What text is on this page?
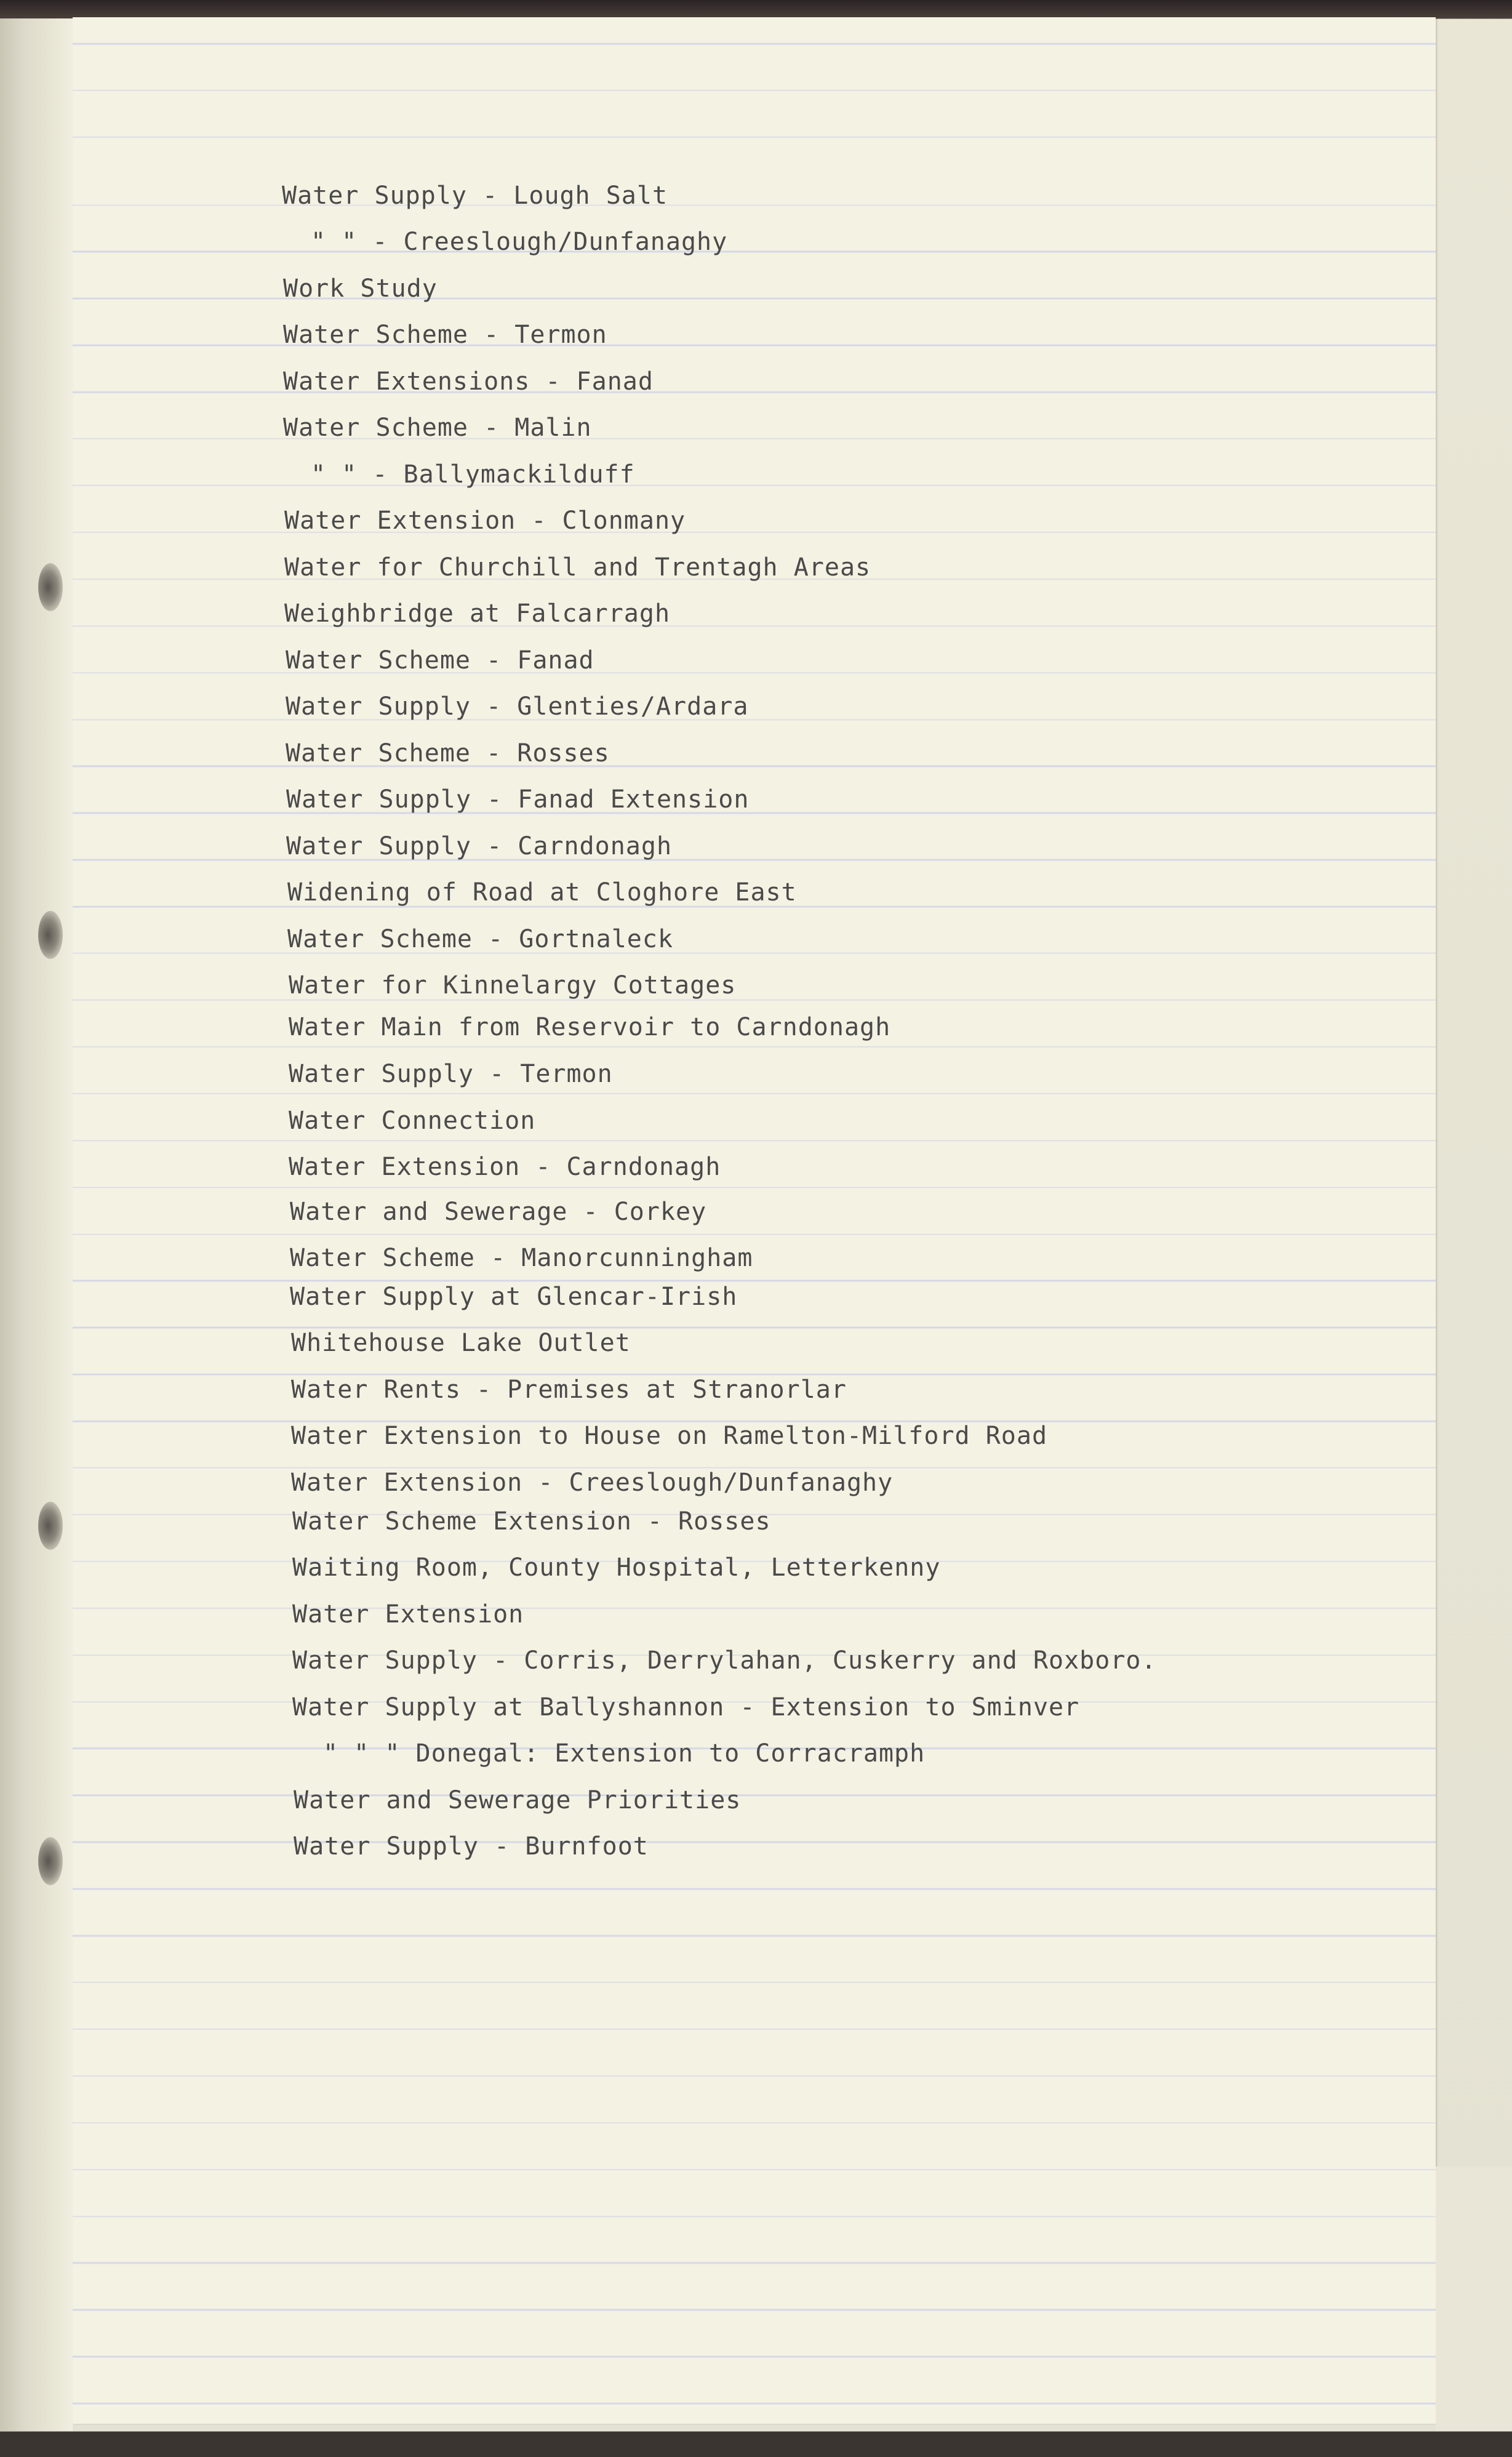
Water Supply - Lough Salt
" " - Creeslough/Dunfanaghy
Work Study
Water Scheme - Termon
Water Extensions - Fanad
Water Scheme - Malin
" " - Ballymackilduff
Water Extension - Clonmany
Water for Churchill and Trentagh Areas
Weighbridge at Falcarragh
Water Scheme - Fanad
Water Supply - Glenties/Ardara
Water Scheme - Rosses
Water Supply - Fanad Extension
Water Supply - Carndonagh
Widening of Road at Cloghore East
Water Scheme - Gortnaleck
Water for Kinnelargy Cottages
Water Main from Reservoir to Carndonagh
Water Supply - Termon
Water Connection
Water Extension - Carndonagh
Water and Sewerage - Corkey
Water Scheme - Manorcunningham
Water Supply at Glencar-Irish
Whitehouse Lake Outlet
Water Rents - Premises at Stranorlar
Water Extension to House on Ramelton-Milford Road
Water Extension - Creeslough/Dunfanaghy
Water Scheme Extension - Rosses
Waiting Room, County Hospital, Letterkenny
Water Extension
Water Supply - Corris, Derrylahan, Cuskerry and Roxboro.
Water Supply at Ballyshannon - Extension to Sminver
" " " Donegal: Extension to Corracramph
Water and Sewerage Priorities
Water Supply - Burnfoot
